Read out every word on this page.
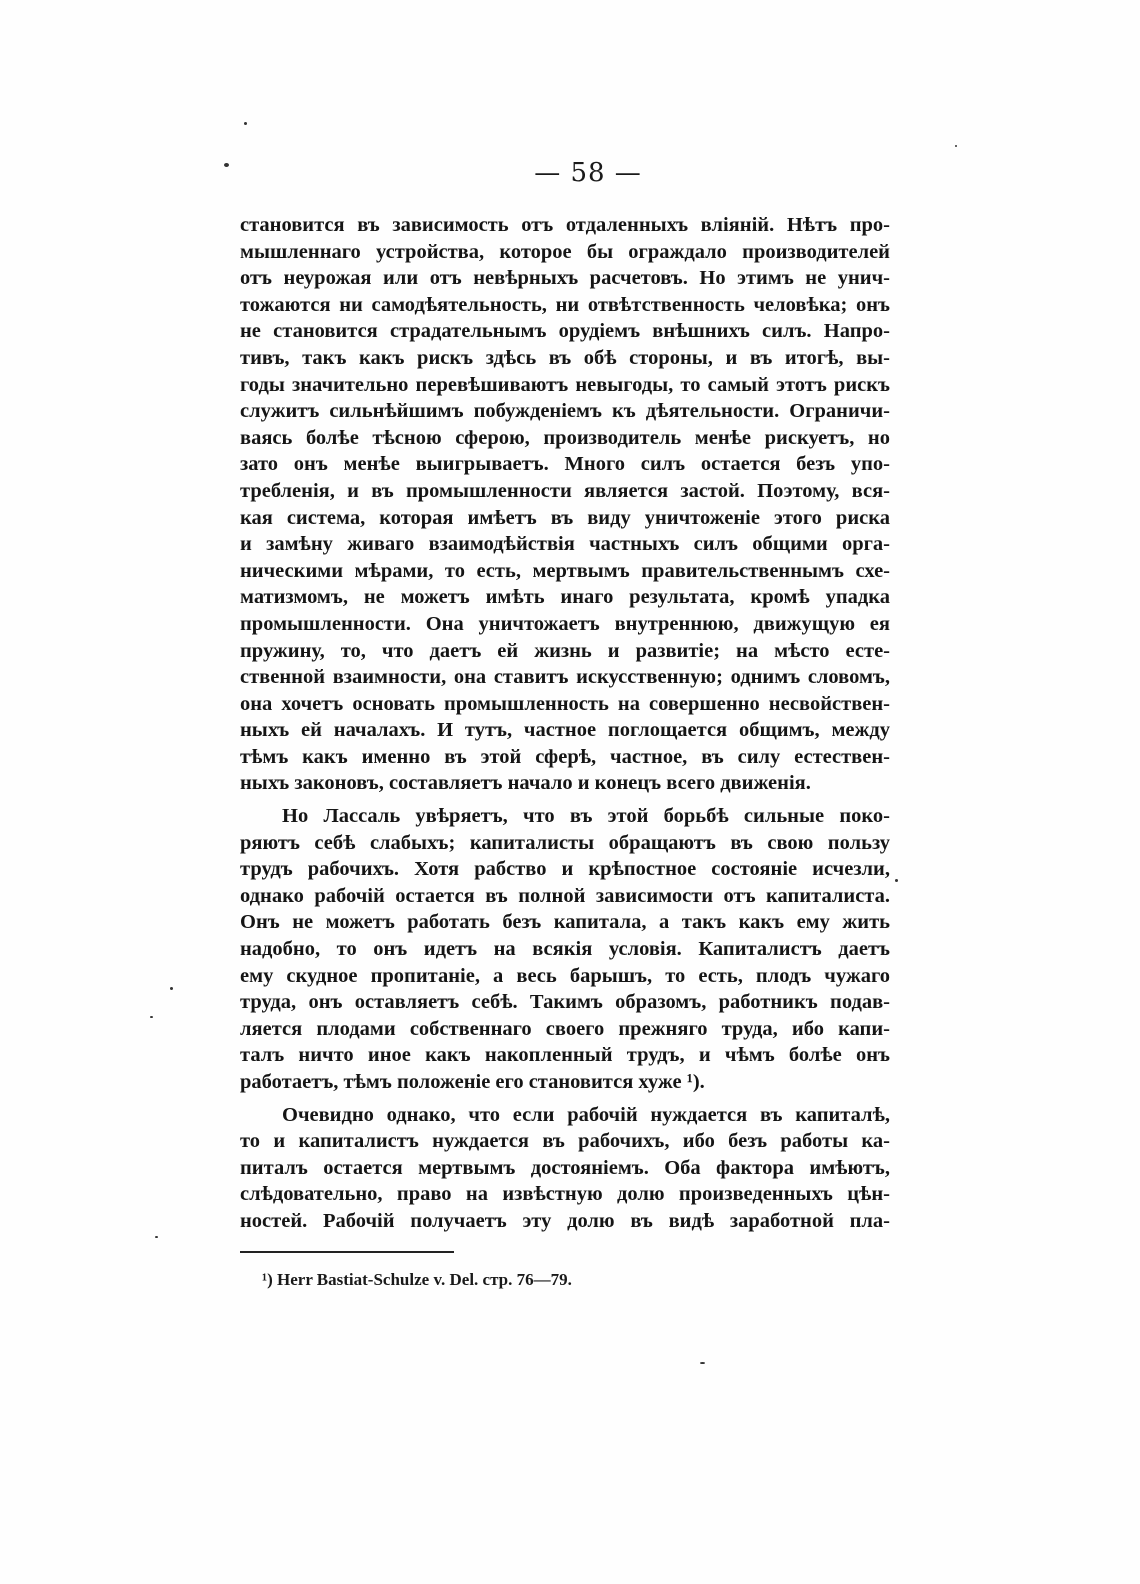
— 58 —
становится въ зависимость отъ отдаленныхъ вліяній. Нѣтъ про-
мышленнаго устройства, которое бы ограждало производителей
отъ неурожая или отъ невѣрныхъ расчетовъ. Но этимъ не унич-
тожаются ни самодѣятельность, ни отвѣтственность человѣка; онъ
не становится страдательнымъ орудіемъ внѣшнихъ силъ. Напро-
тивъ, такъ какъ рискъ здѣсь въ обѣ стороны, и въ итогѣ, вы-
годы значительно перевѣшиваютъ невыгоды, то самый этотъ рискъ
служитъ сильнѣйшимъ побужденіемъ къ дѣятельности. Ограничи-
ваясь болѣе тѣсною сферою, производитель менѣе рискуетъ, но
зато онъ менѣе выигрываетъ. Много силъ остается безъ упо-
требленія, и въ промышленности является застой. Поэтому, вся-
кая система, которая имѣетъ въ виду уничтоженіе этого риска
и замѣну живаго взаимодѣйствія частныхъ силъ общими орга-
ническими мѣрами, то есть, мертвымъ правительственнымъ схе-
матизмомъ, не можетъ имѣть инаго результата, кромѣ упадка
промышленности. Она уничтожаетъ внутреннюю, движущую ея
пружину, то, что даетъ ей жизнь и развитіе; на мѣсто есте-
ственной взаимности, она ставитъ искусственную; однимъ словомъ,
она хочетъ основать промышленность на совершенно несвойствен-
ныхъ ей началахъ. И тутъ, частное поглощается общимъ, между
тѣмъ какъ именно въ этой сферѣ, частное, въ силу естествен-
ныхъ законовъ, составляетъ начало и конецъ всего движенія.
Но Лассаль увѣряетъ, что въ этой борьбѣ сильные поко-
ряютъ себѣ слабыхъ; капиталисты обращаютъ въ свою пользу
трудъ рабочихъ. Хотя рабство и крѣпостное состояніе исчезли,
однако рабочій остается въ полной зависимости отъ капиталиста.
Онъ не можетъ работать безъ капитала, а такъ какъ ему жить
надобно, то онъ идетъ на всякія условія. Капиталистъ даетъ
ему скудное пропитаніе, а весь барышъ, то есть, плодъ чужаго
труда, онъ оставляетъ себѣ. Такимъ образомъ, работникъ подав-
ляется плодами собственнаго своего прежняго труда, ибо капи-
талъ ничто иное какъ накопленный трудъ, и чѣмъ болѣе онъ
работаетъ, тѣмъ положеніе его становится хуже ¹).
Очевидно однако, что если рабочій нуждается въ капиталѣ,
то и капиталистъ нуждается въ рабочихъ, ибо безъ работы ка-
питалъ остается мертвымъ достояніемъ. Оба фактора имѣютъ,
слѣдовательно, право на извѣстную долю произведенныхъ цѣн-
ностей. Рабочій получаетъ эту долю въ видѣ заработной пла-
¹) Herr Bastiat-Schulze v. Del. стр. 76—79.
